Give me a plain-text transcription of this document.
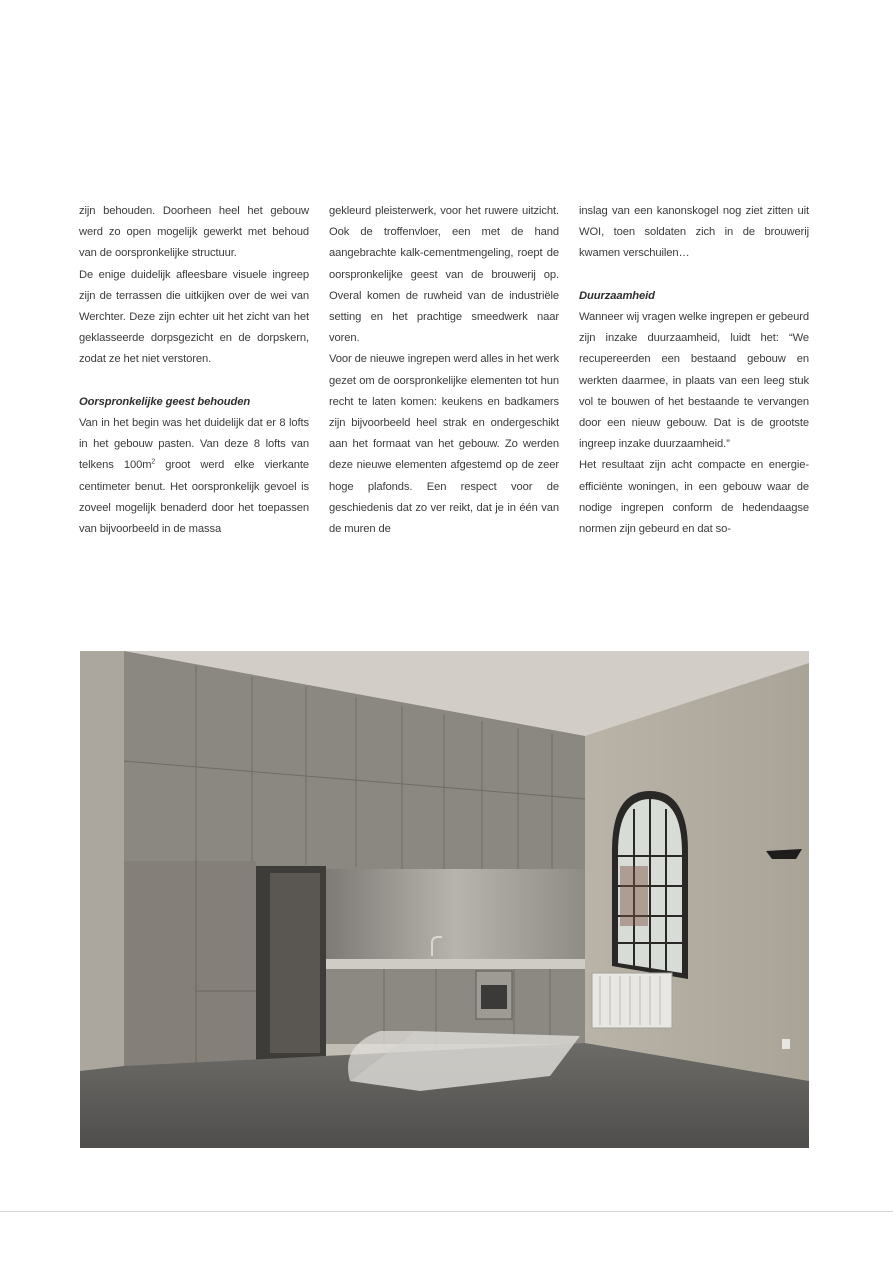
zijn behouden. Doorheen heel het gebouw werd zo open mogelijk gewerkt met behoud van de oorspronkelijke structuur.

De enige duidelijk afleesbare visuele ingreep zijn de terrassen die uitkijken over de wei van Werchter. Deze zijn echter uit het zicht van het geklasseerde dorpsgezicht en de dorpskern, zodat ze het niet verstoren.

Oorspronkelijke geest behouden

Van in het begin was het duidelijk dat er 8 lofts in het gebouw pasten. Van deze 8 lofts van telkens $100m^2$ groot werd elke vierkante centimeter benut. Het oorspronkelijk gevoel is zoveel mogelijk benaderd door het toepassen van bijvoorbeeld in de massa

gekleurd pleisterwerk, voor het ruwere uitzicht. Ook de troffenvloer, een met de hand aangebrachte kalk-cementmengeling, roept de oorspronkelijke geest van de brouwerij op. Overal komen de ruwheid van de industriële setting en het prachtige smeedwerk naar voren.

Voor de nieuwe ingrepen werd alles in het werk gezet om de oorspronkelijke elementen tot hun recht te laten komen: keukens en badkamers zijn bijvoorbeeld heel strak en ondergeschikt aan het formaat van het gebouw. Zo werden deze nieuwe elementen afgestemd op de zeer hoge plafonds. Een respect voor de geschiedenis dat zo ver reikt, dat je in één van de muren de

inslag van een kanonskogel nog ziet zitten uit WOI, toen soldaten zich in de brouwerij kwamen verschuilen…

Duurzaamheid

Wanneer wij vragen welke ingrepen er gebeurd zijn inzake duurzaamheid, luidt het: “We recupereerden een bestaand gebouw en werkten daarmee, in plaats van een leeg stuk vol te bouwen of het bestaande te vervangen door een nieuw gebouw. Dat is de grootste ingreep inzake duurzaamheid.”

Het resultaat zijn acht compacte en energie-efficiënte woningen, in een gebouw waar de nodige ingrepen conform de hedendaagse normen zijn gebeurd en dat so-
